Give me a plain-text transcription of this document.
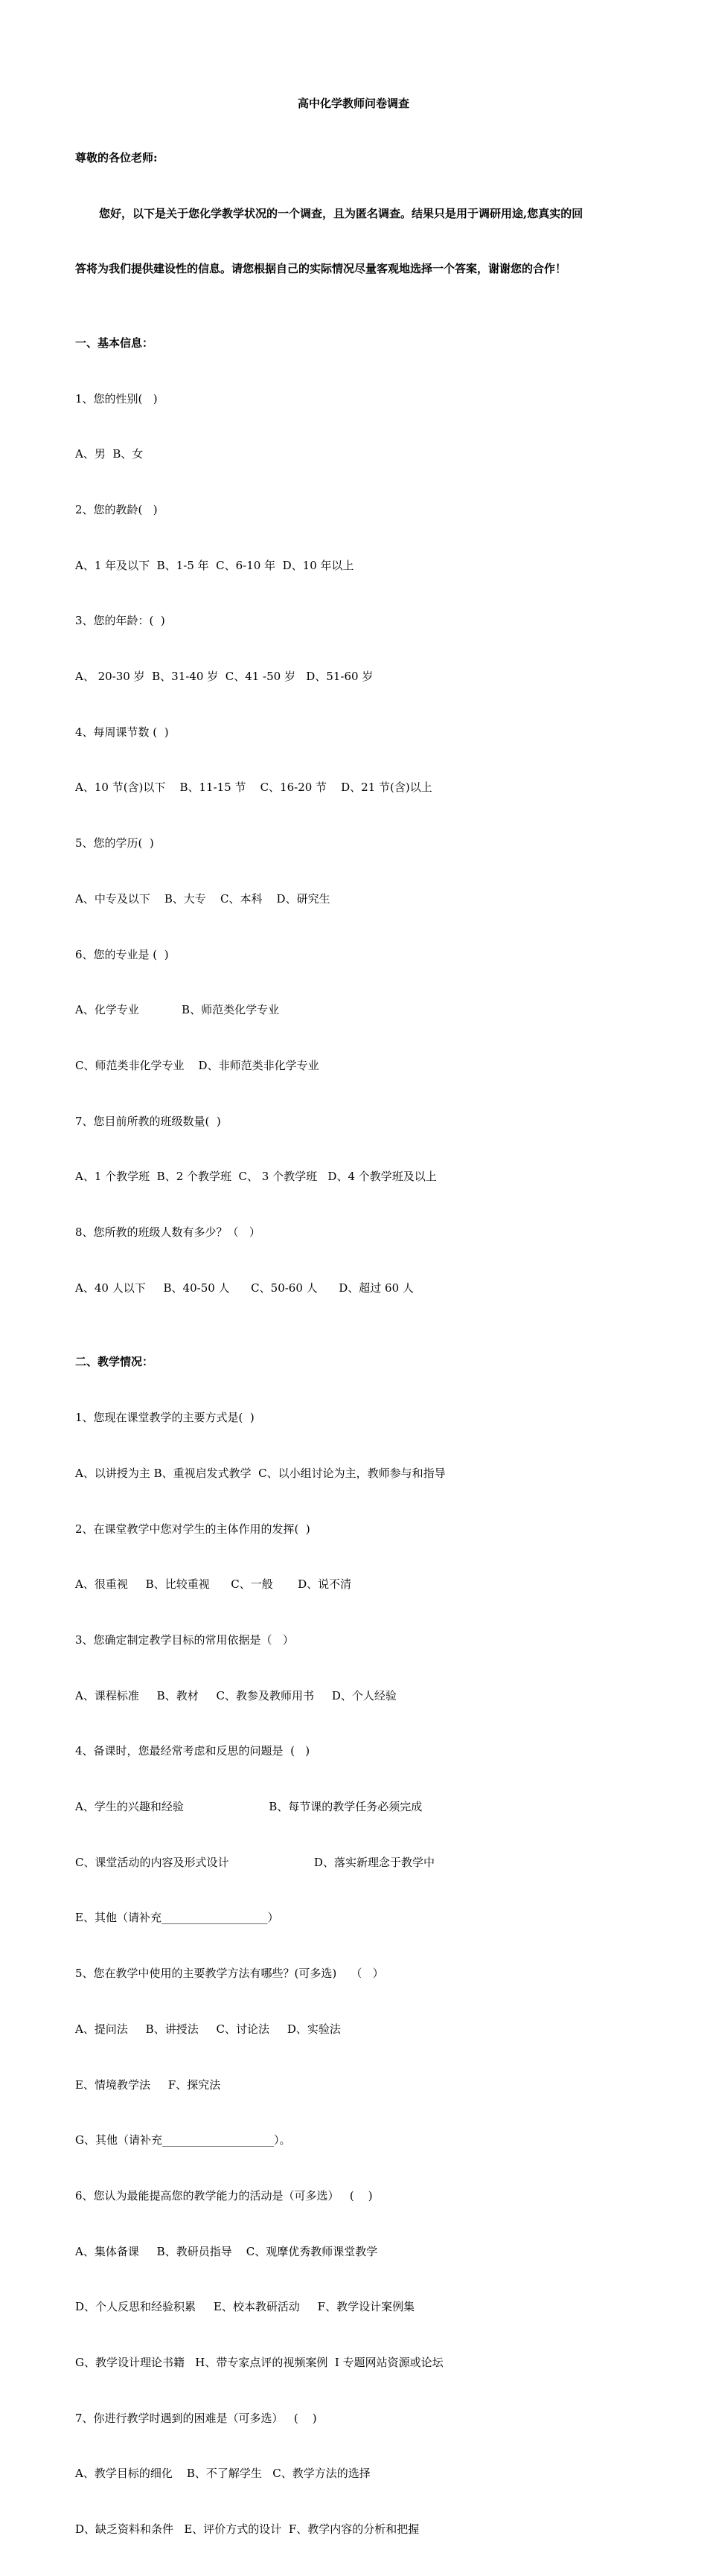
高中化学教师问卷调查

尊敬的各位老师:

您好，以下是关于您化学教学状况的一个调查，且为匿名调查。结果只是用于调研用途,您真实的回

答将为我们提供建设性的信息。请您根据自己的实际情况尽量客观地选择一个答案，谢谢您的合作！

一、基本信息：

1、您的性别(   )

A、男  B、女

2、您的教龄(   )

A、1 年及以下  B、1-5 年  C、6-10 年  D、10 年以上

3、您的年龄：(  )

A、 20-30 岁  B、31-40 岁  C、41 -50 岁   D、51-60 岁

4、每周课节数 (  )

A、10 节(含)以下    B、11-15 节    C、16-20 节    D、21 节(含)以上

5、您的学历(  )

A、中专及以下    B、大专    C、本科    D、研究生

6、您的专业是 (  )

A、化学专业            B、师范类化学专业

C、师范类非化学专业    D、非师范类非化学专业

7、您目前所教的班级数量(  )

A、1 个教学班  B、2 个教学班  C、 3 个教学班   D、4 个教学班及以上

8、您所教的班级人数有多少？（   ）

A、40 人以下     B、40-50 人      C、50-60 人      D、超过 60 人

二、教学情况：

1、您现在课堂教学的主要方式是(  )

A、以讲授为主 B、重视启发式教学  C、以小组讨论为主，教师参与和指导

2、在课堂教学中您对学生的主体作用的发挥(  )

A、很重视     B、比较重视      C、一般       D、说不清

3、您确定制定教学目标的常用依据是（   ）

A、课程标准     B、教材     C、教参及教师用书     D、个人经验

4、备课时，您最经常考虑和反思的问题是  (   )

A、学生的兴趣和经验                        B、每节课的教学任务必须完成

C、课堂活动的内容及形式设计                        D、落实新理念于教学中

E、其他（请补充___________________）

5、您在教学中使用的主要教学方法有哪些？(可多选)    （   ）

A、提问法     B、讲授法     C、讨论法     D、实验法

E、情境教学法     F、探究法

G、其他（请补充____________________）。

6、您认为最能提高您的教学能力的活动是（可多选）   (    )

A、集体备课     B、教研员指导    C、观摩优秀教师课堂教学

D、个人反思和经验积累     E、校本教研活动     F、教学设计案例集

G、教学设计理论书籍   H、带专家点评的视频案例  I 专题网站资源或论坛

7、你进行教学时遇到的困难是（可多选）   (    )

A、教学目标的细化    B、不了解学生   C、教学方法的选择

D、缺乏资料和条件   E、评价方式的设计  F、教学内容的分析和把握
